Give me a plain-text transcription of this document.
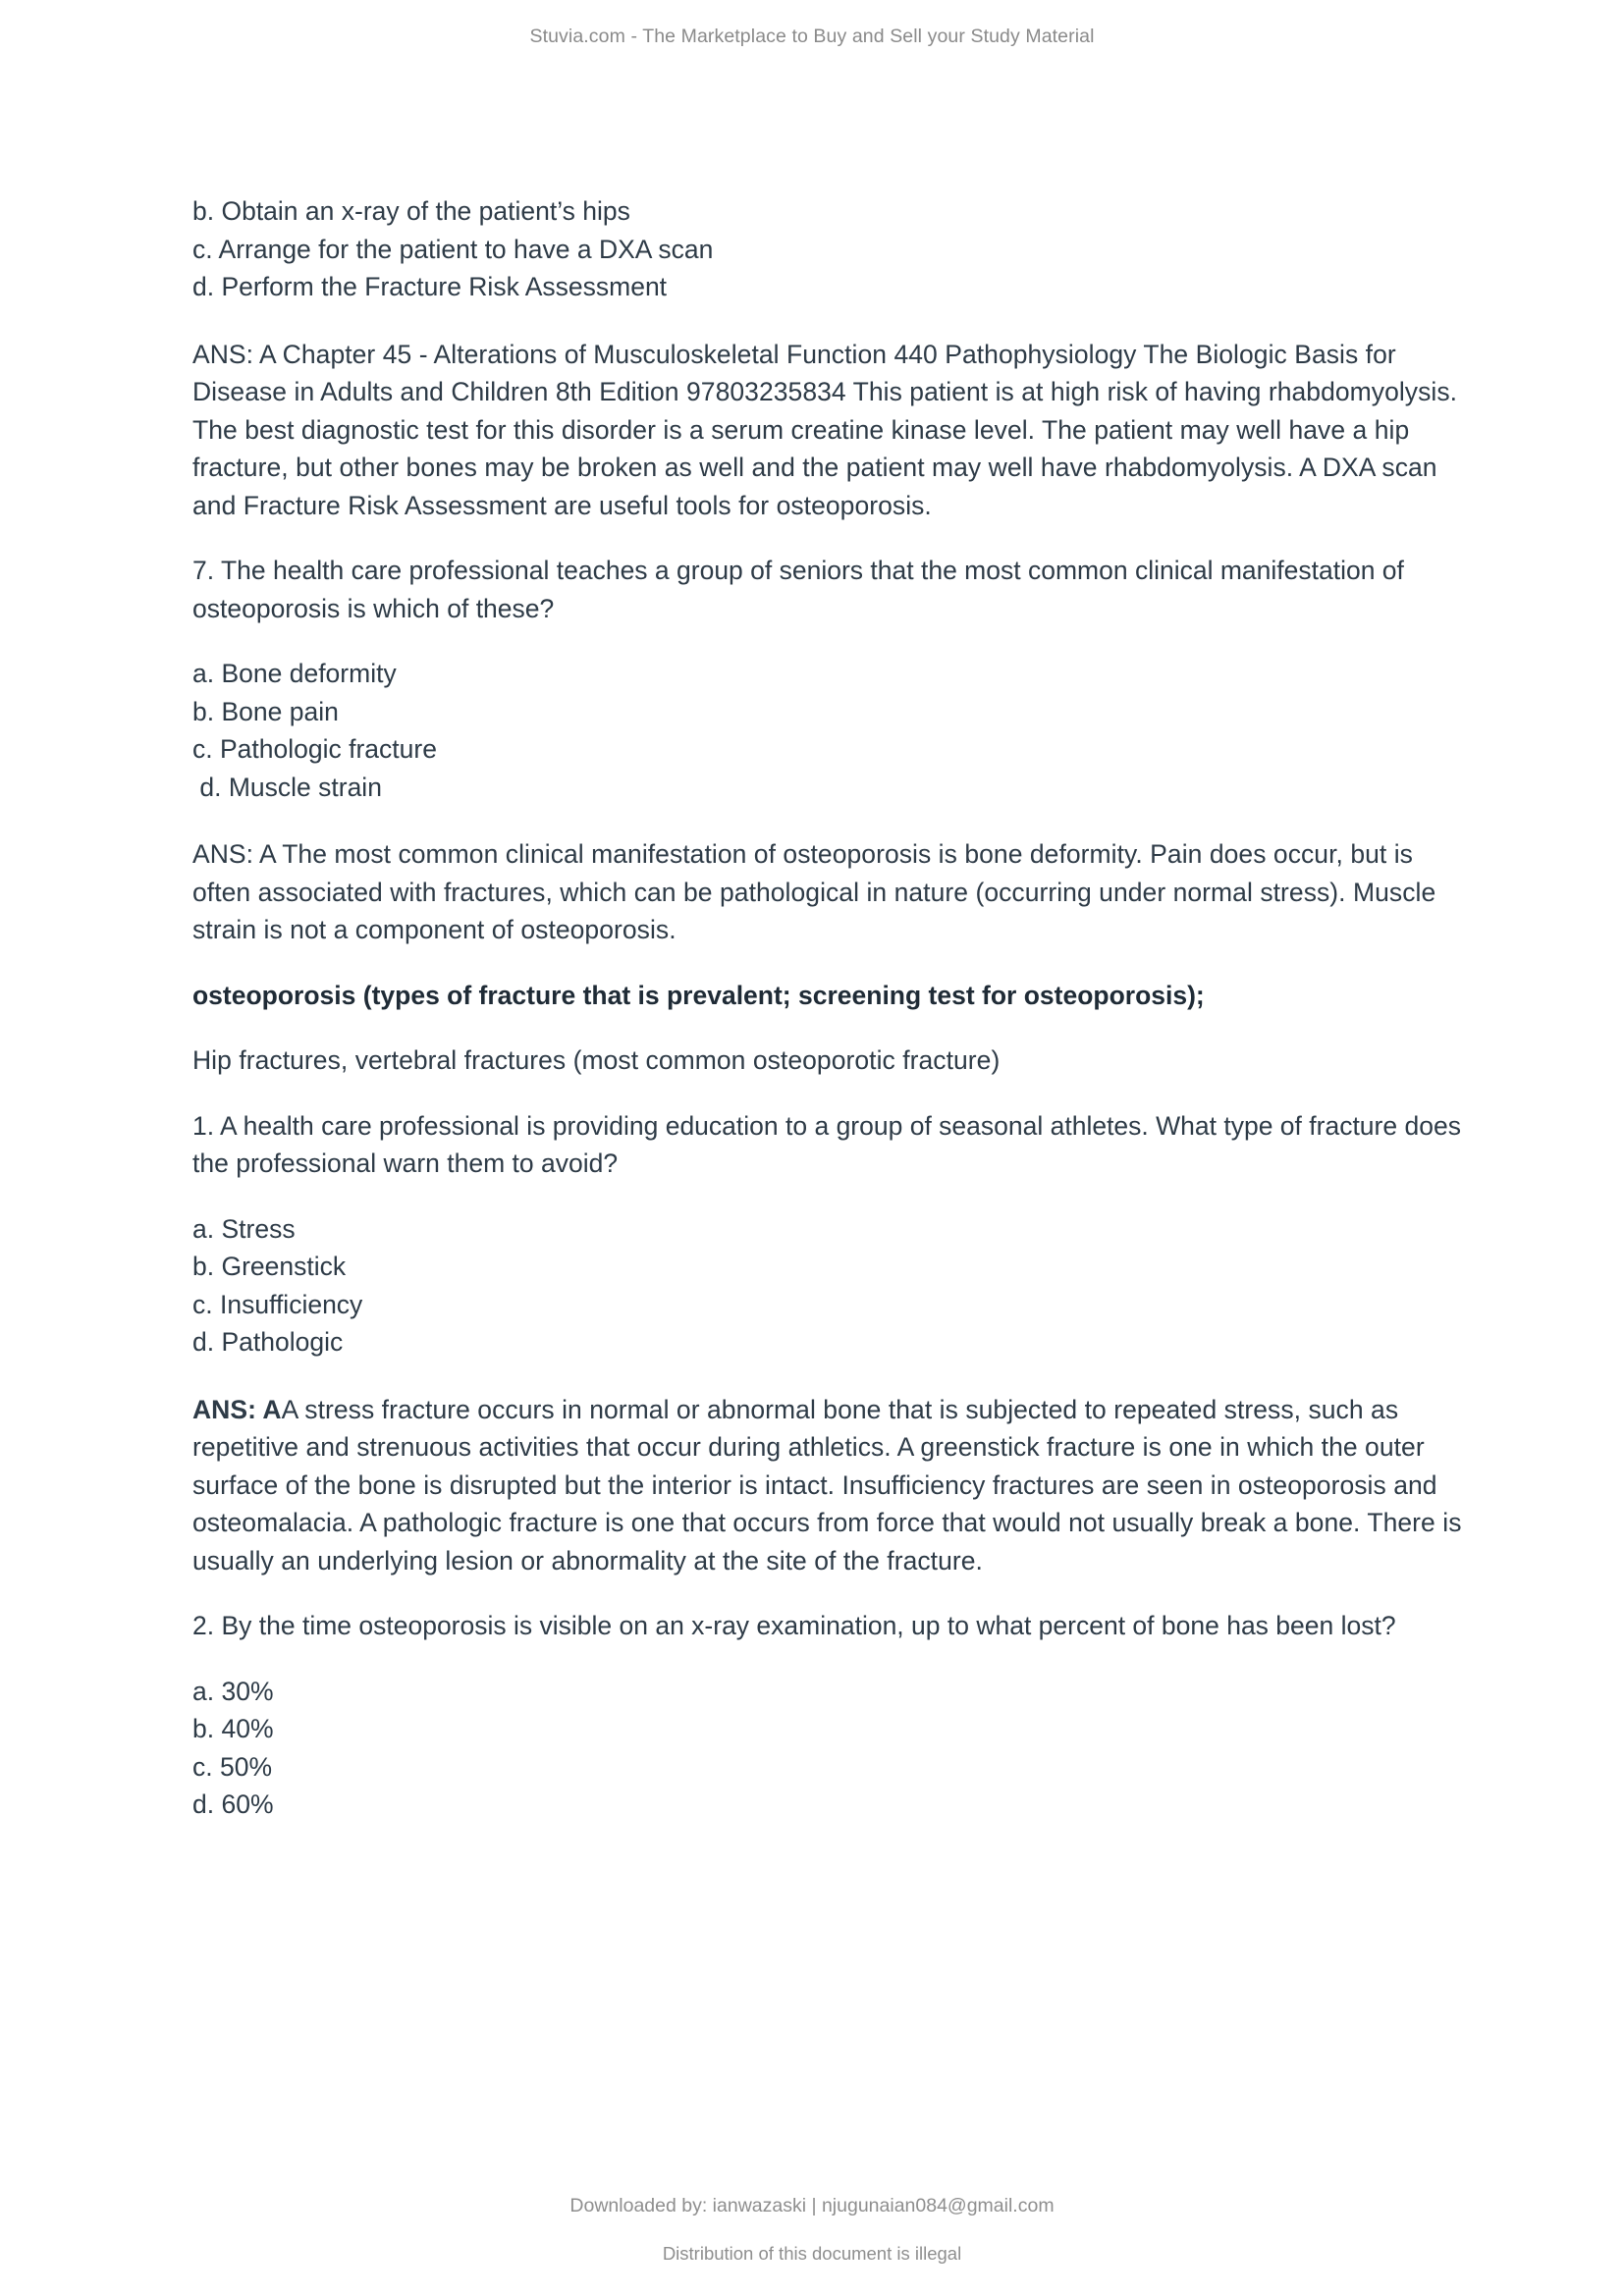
Stuvia.com - The Marketplace to Buy and Sell your Study Material
b. Obtain an x-ray of the patient’s hips
c. Arrange for the patient to have a DXA scan
d. Perform the Fracture Risk Assessment

ANS: A Chapter 45 - Alterations of Musculoskeletal Function 440 Pathophysiology The Biologic Basis for Disease in Adults and Children 8th Edition 97803235834 This patient is at high risk of having rhabdomyolysis. The best diagnostic test for this disorder is a serum creatine kinase level. The patient may well have a hip fracture, but other bones may be broken as well and the patient may well have rhabdomyolysis. A DXA scan and Fracture Risk Assessment are useful tools for osteoporosis.

7. The health care professional teaches a group of seniors that the most common clinical manifestation of osteoporosis is which of these?

a. Bone deformity
b. Bone pain
c. Pathologic fracture
d. Muscle strain

ANS: A The most common clinical manifestation of osteoporosis is bone deformity. Pain does occur, but is often associated with fractures, which can be pathological in nature (occurring under normal stress). Muscle strain is not a component of osteoporosis.

osteoporosis (types of fracture that is prevalent; screening test for osteoporosis);

Hip fractures, vertebral fractures (most common osteoporotic fracture)

1. A health care professional is providing education to a group of seasonal athletes. What type of fracture does the professional warn them to avoid?

a. Stress
b. Greenstick
c. Insufficiency
d. Pathologic

ANS: AA stress fracture occurs in normal or abnormal bone that is subjected to repeated stress, such as repetitive and strenuous activities that occur during athletics. A greenstick fracture is one in which the outer surface of the bone is disrupted but the interior is intact. Insufficiency fractures are seen in osteoporosis and osteomalacia. A pathologic fracture is one that occurs from force that would not usually break a bone. There is usually an underlying lesion or abnormality at the site of the fracture.

2. By the time osteoporosis is visible on an x-ray examination, up to what percent of bone has been lost?

a. 30%
b. 40%
c. 50%
d. 60%
Downloaded by: ianwazaski | njugunaian084@gmail.com
Distribution of this document is illegal
